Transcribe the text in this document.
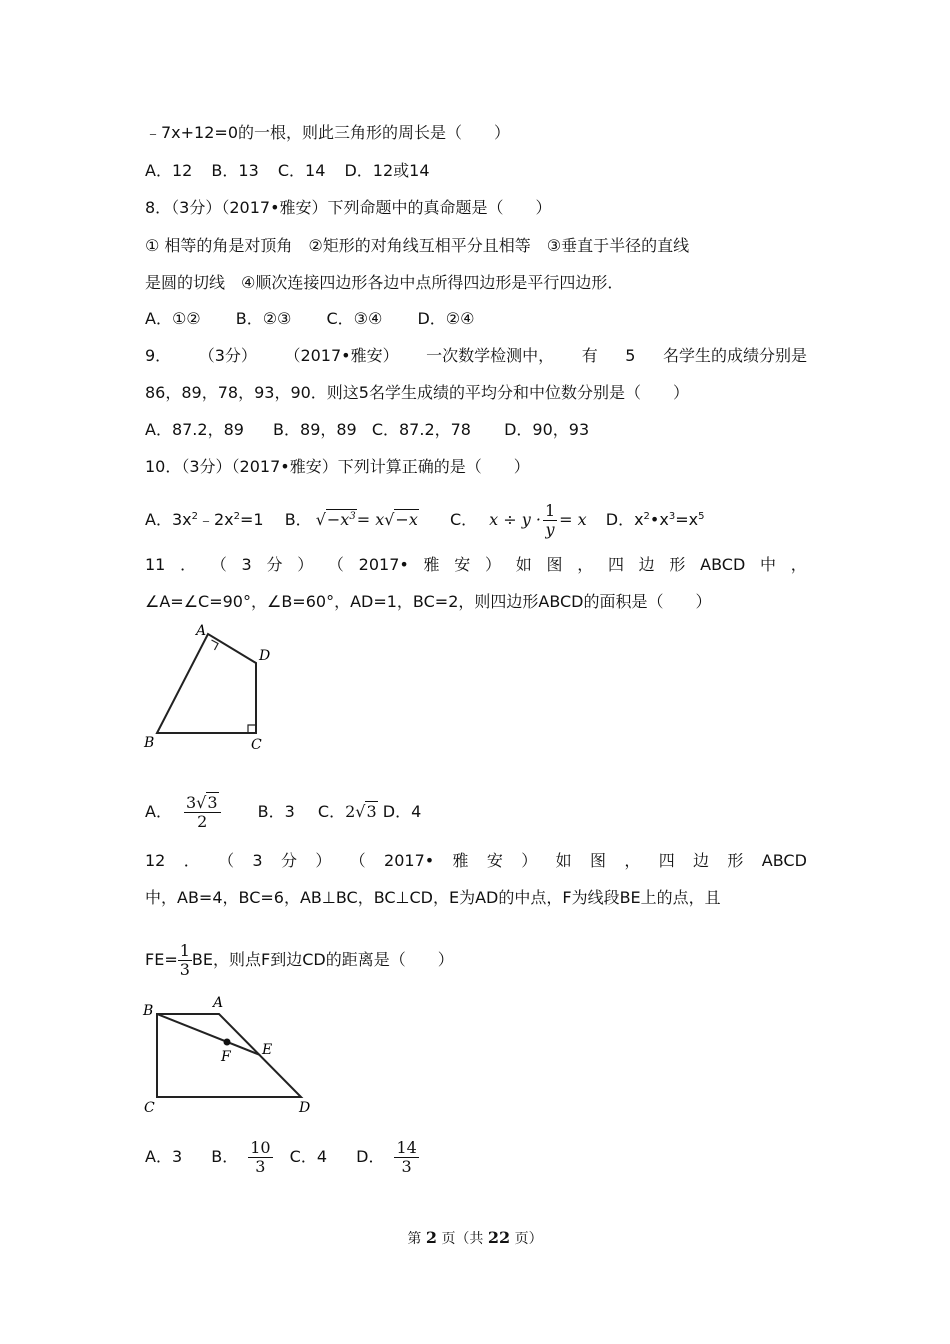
﹣7x+12=0的一根，则此三角形的周长是（　　）
A．12 B．13 C．14 D．12或14
8．（3分）（2017•雅安）下列命题中的真命题是（　　）
① 相等的角是对顶角　②矩形的对角线互相平分且相等　③垂直于半径的直线
是圆的切线　④顺次连接四边形各边中点所得四边形是平行四边形．
A．①② B．②③ C．③④ D．②④
9． （3分） （2017•雅安） 一次数学检测中， 有 5 名学生的成绩分别是
86，89，78，93，90．则这5名学生成绩的平均分和中位数分别是（　　）
A．87.2，89 B．89，89 C．87.2，78 D．90，93
10．（3分）（2017•雅安）下列计算正确的是（　　）
A．$3x^2﹣2x^2=1$ B． $√-x^3= x√-x$ C． $x \div y \cdot \frac{1}{y} = x$ D．$x^2•x^3=x^5$
11 ． （ 3 分 ） （ 2017• 雅 安 ） 如 图 ， 四 边 形 ABCD 中 ，
∠A=∠C=90°，∠B=60°，AD=1，BC=2，则四边形ABCD的面积是（　　）
A
D
B	C
A． $\frac{3√3}{2}$ B．3 C．2√3 D．4
12 ． （ 3 分 ） （ 2017• 雅 安 ） 如 图 ， 四 边 形 ABCD
中，AB=4，BC=6，AB⊥BC，BC⊥CD，E为AD的中点，F为线段BE上的点，且
$FE= \frac{1}{3}$ BE，则点F到边CD的距离是（　　）
B	A
E
F
C	D
A．3 B． $\frac{10}{3}$ C．4 D． $\frac{14}{3}$
第 2 页（共 22 页）
